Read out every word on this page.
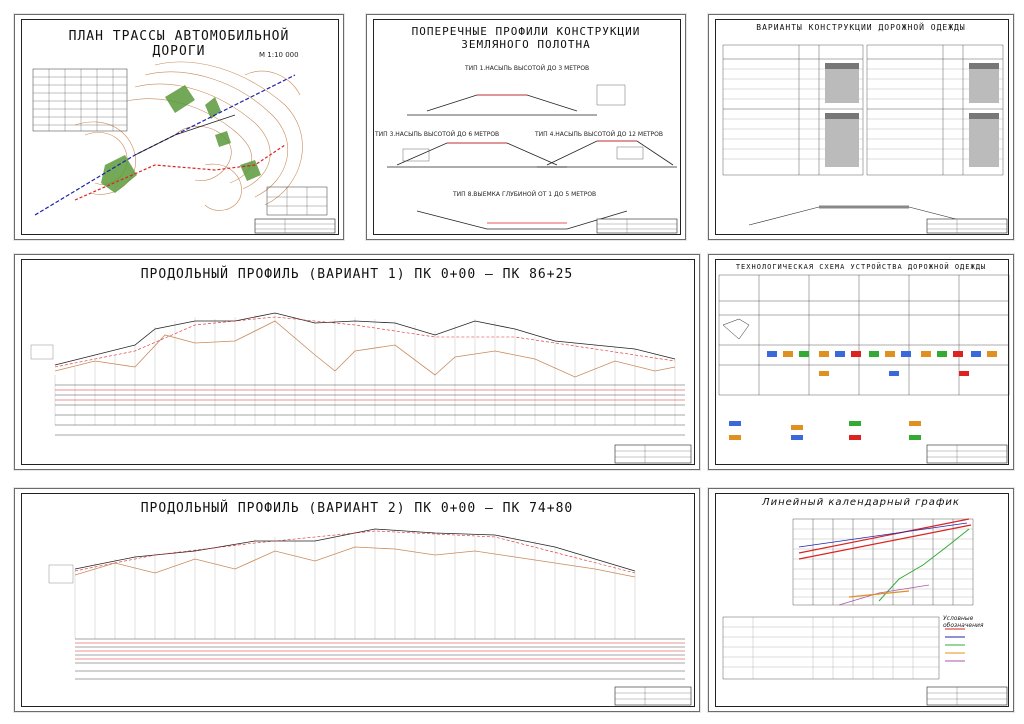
ПЛАН ТРАССЫ АВТОМОБИЛЬНОЙ
ДОРОГИ	М 1:10 000
ПОПЕРЕЧНЫЕ ПРОФИЛИ КОНСТРУКЦИИ
ЗЕМЛЯНОГО ПОЛОТНА
ТИП 1.НАСЫПЬ ВЫСОТОЙ ДО 3 МЕТРОВ
ТИП 3.НАСЫПЬ ВЫСОТОЙ ДО 6 МЕТРОВ	ТИП 4.НАСЫПЬ ВЫСОТОЙ ДО 12 МЕТРОВ
ТИП 8.ВЫЕМКА ГЛУБИНОЙ ОТ 1 ДО 5 МЕТРОВ
ВАРИАНТЫ КОНСТРУКЦИИ ДОРОЖНОЙ ОДЕЖДЫ
ПРОДОЛЬНЫЙ ПРОФИЛЬ (ВАРИАНТ 1) ПК 0+00 – ПК 86+25	ТЕХНОЛОГИЧЕСКАЯ СХЕМА УСТРОЙСТВА ДОРОЖНОЙ ОДЕЖДЫ
ПРОДОЛЬНЫЙ ПРОФИЛЬ (ВАРИАНТ 2) ПК 0+00 – ПК 74+80	Линейный календарный график
Условные обозначения
